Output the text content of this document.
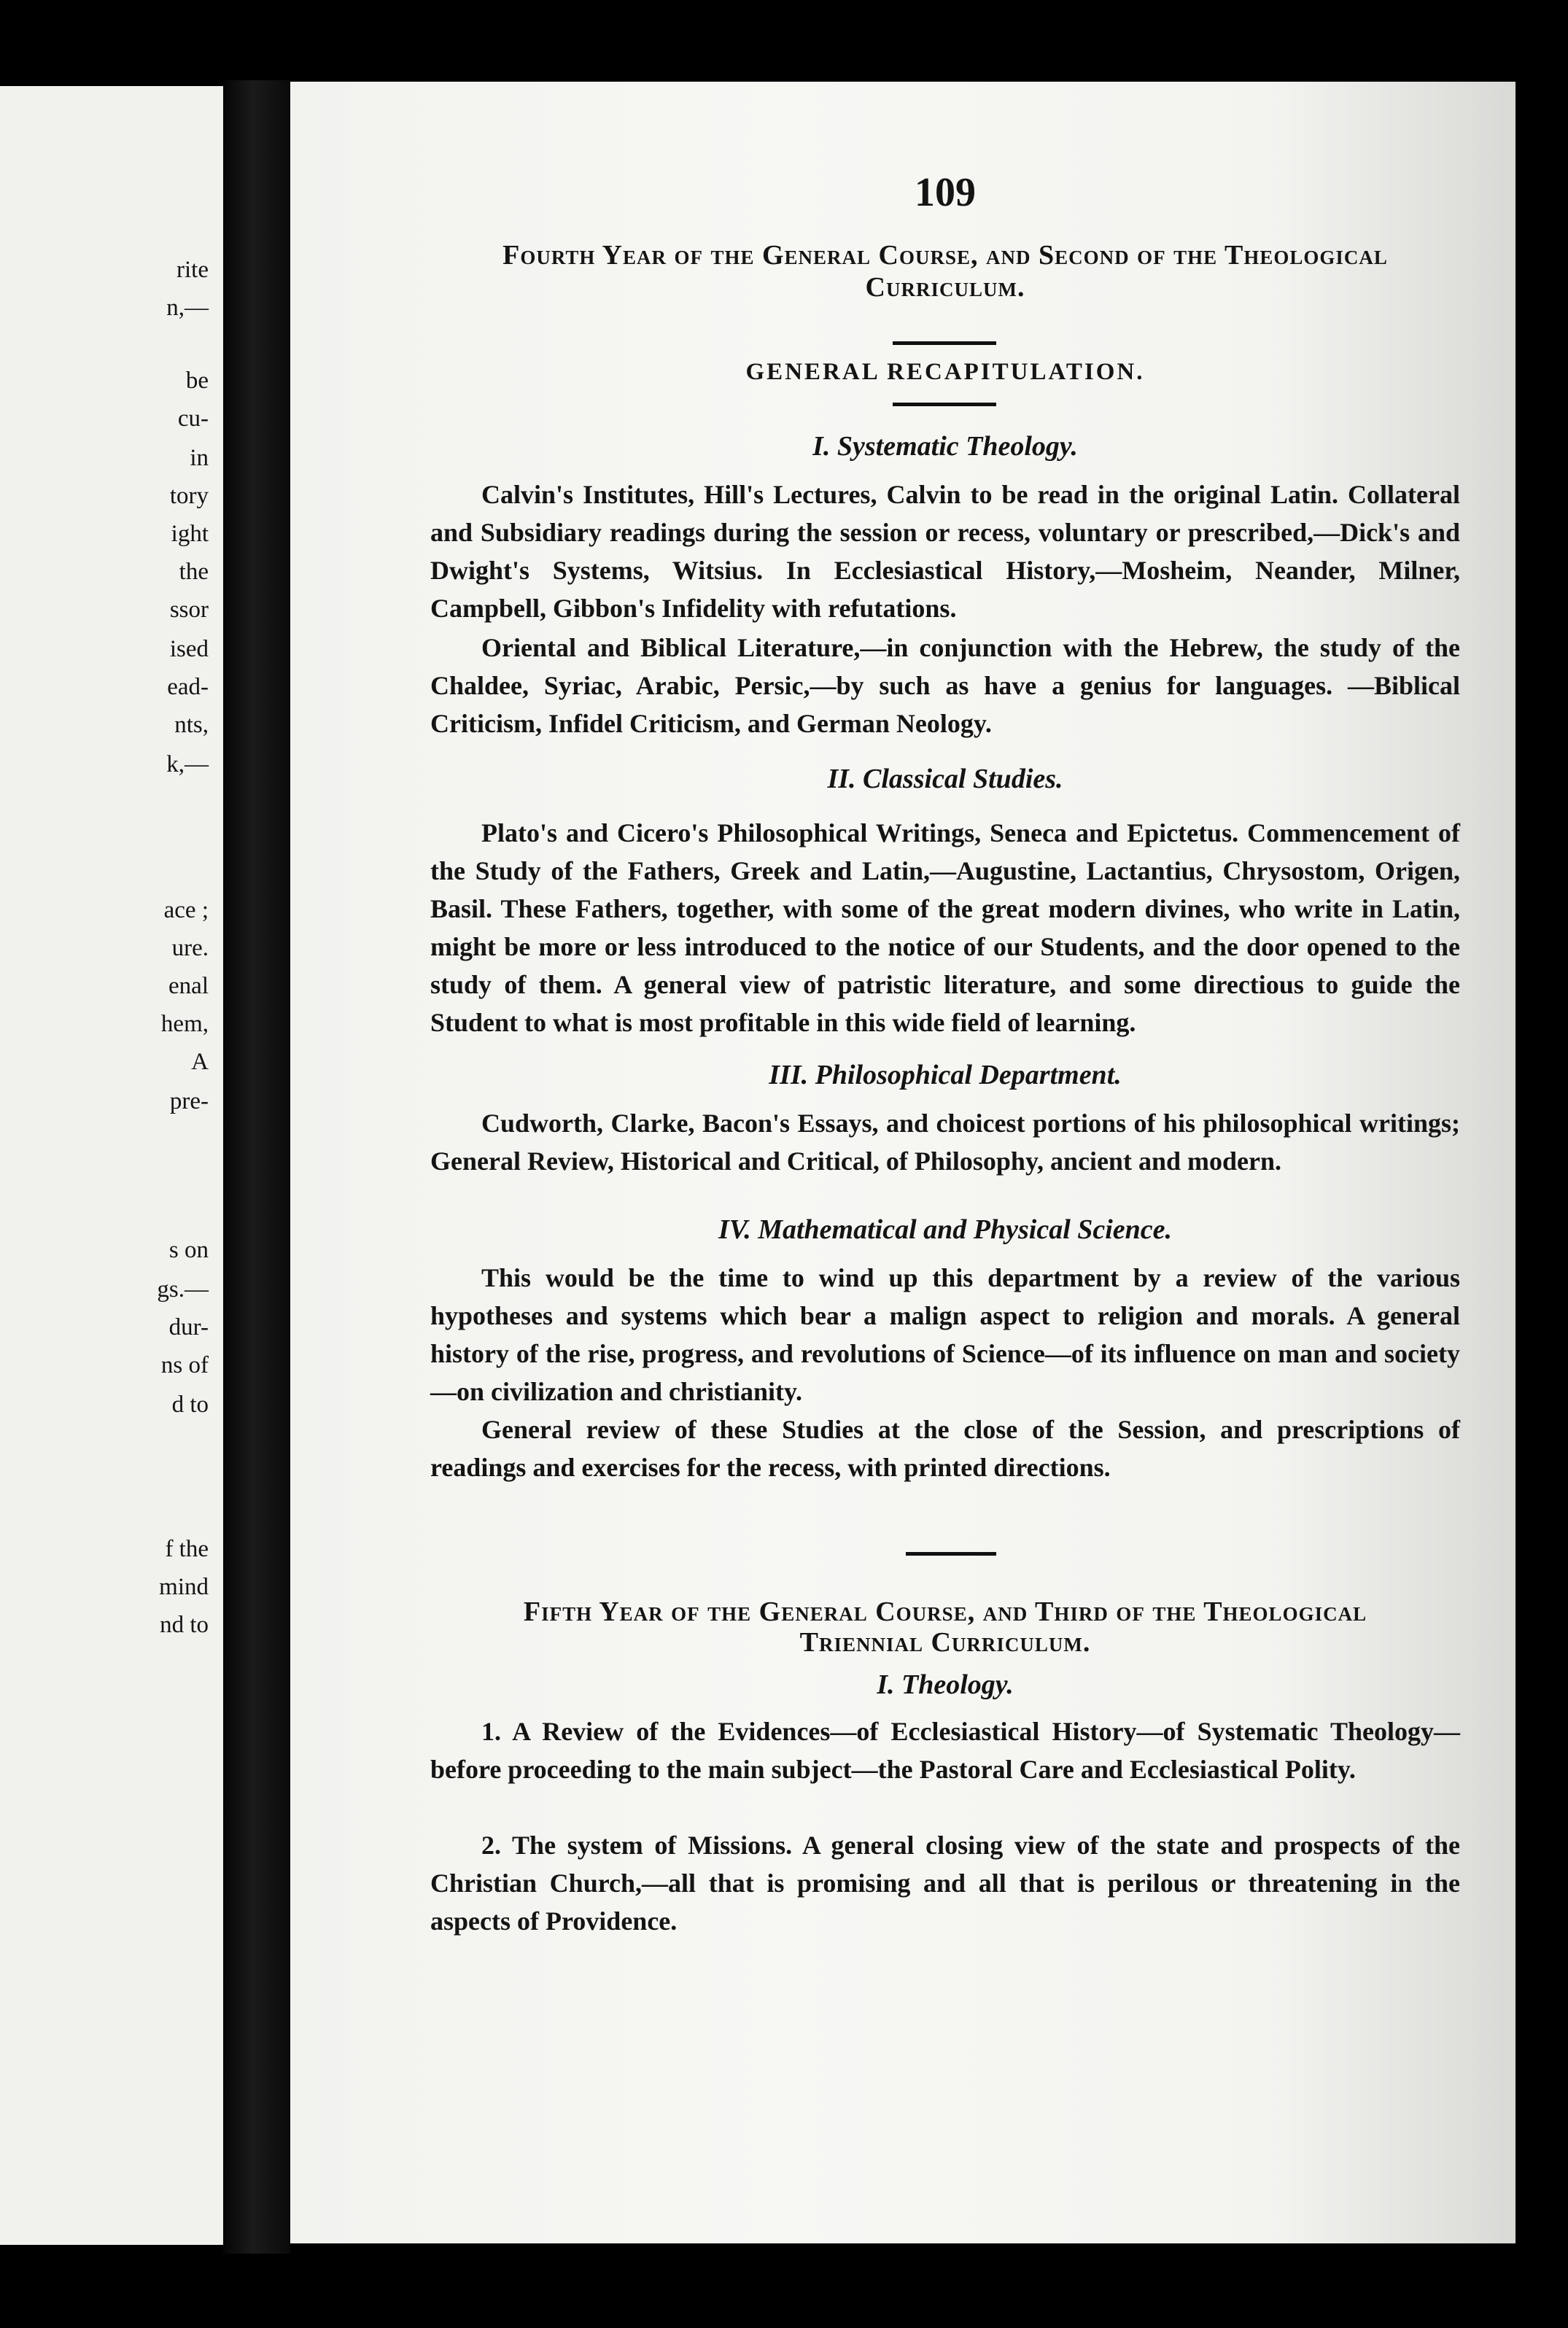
rite
n,—
be
cu-
in
tory
ight
the
ssor
ised
ead-
nts,
k,—
ace ;
ure.
enal
hem,
A
pre-
s on
gs.—
dur-
ns of
d to
f the
mind
nd to
109
Fourth Year of the General Course, and Second of the Theological
Curriculum.
GENERAL RECAPITULATION.
I. Systematic Theology.
Calvin's Institutes, Hill's Lectures, Calvin to be read in the original Latin. Collateral and Subsidiary readings during the session or recess, voluntary or prescribed,—Dick's and Dwight's Systems, Witsius. In Ecclesiastical History,—Mosheim, Neander, Milner, Campbell, Gibbon's Infidelity with refutations.
Oriental and Biblical Literature,—in conjunction with the Hebrew, the study of the Chaldee, Syriac, Arabic, Persic,—by such as have a genius for languages. —Biblical Criticism, Infidel Criticism, and German Neology.
II. Classical Studies.
Plato's and Cicero's Philosophical Writings, Seneca and Epictetus. Commencement of the Study of the Fathers, Greek and Latin,—Augustine, Lactantius, Chrysostom, Origen, Basil. These Fathers, together, with some of the great modern divines, who write in Latin, might be more or less introduced to the notice of our Students, and the door opened to the study of them. A general view of patristic literature, and some directious to guide the Student to what is most profitable in this wide field of learning.
III. Philosophical Department.
Cudworth, Clarke, Bacon's Essays, and choicest portions of his philosophical writings; General Review, Historical and Critical, of Philosophy, ancient and modern.
IV. Mathematical and Physical Science.
This would be the time to wind up this department by a review of the various hypotheses and systems which bear a malign aspect to religion and morals. A general history of the rise, progress, and revolutions of Science—of its influence on man and society—on civilization and christianity.
General review of these Studies at the close of the Session, and prescriptions of readings and exercises for the recess, with printed directions.
Fifth Year of the General Course, and Third of the Theological
Triennial Curriculum.
I. Theology.
1. A Review of the Evidences—of Ecclesiastical History—of Systematic Theology—before proceeding to the main subject—the Pastoral Care and Ecclesiastical Polity.
2. The system of Missions. A general closing view of the state and prospects of the Christian Church,—all that is promising and all that is perilous or threatening in the aspects of Providence.
